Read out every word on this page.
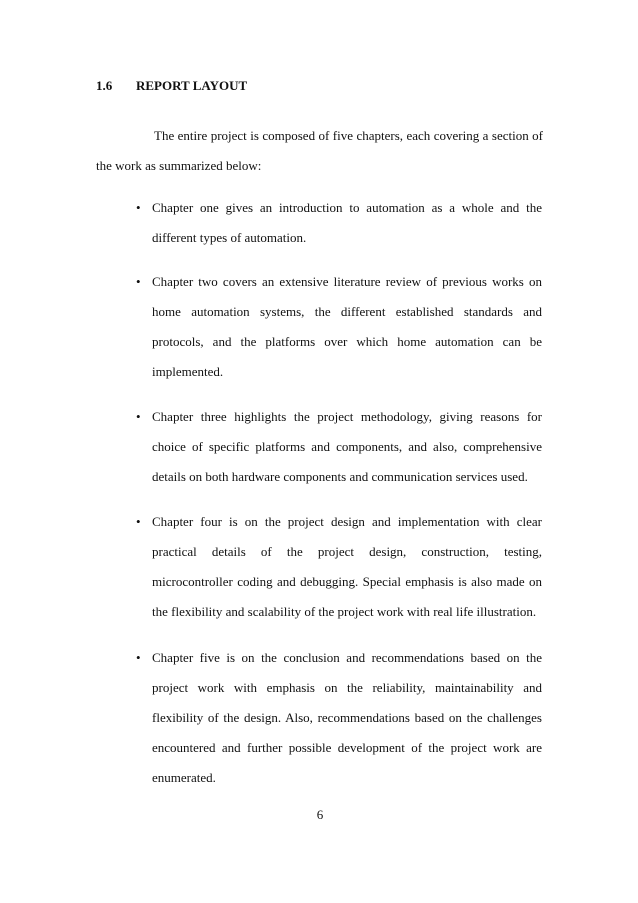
1.6 REPORT LAYOUT

The entire project is composed of five chapters, each covering a section of the work as summarized below:

• Chapter one gives an introduction to automation as a whole and the different types of automation.
• Chapter two covers an extensive literature review of previous works on home automation systems, the different established standards and protocols, and the platforms over which home automation can be implemented.
• Chapter three highlights the project methodology, giving reasons for choice of specific platforms and components, and also, comprehensive details on both hardware components and communication services used.
• Chapter four is on the project design and implementation with clear practical details of the project design, construction, testing, microcontroller coding and debugging. Special emphasis is also made on the flexibility and scalability of the project work with real life illustration.
• Chapter five is on the conclusion and recommendations based on the project work with emphasis on the reliability, maintainability and flexibility of the design. Also, recommendations based on the challenges encountered and further possible development of the project work are enumerated.
6
